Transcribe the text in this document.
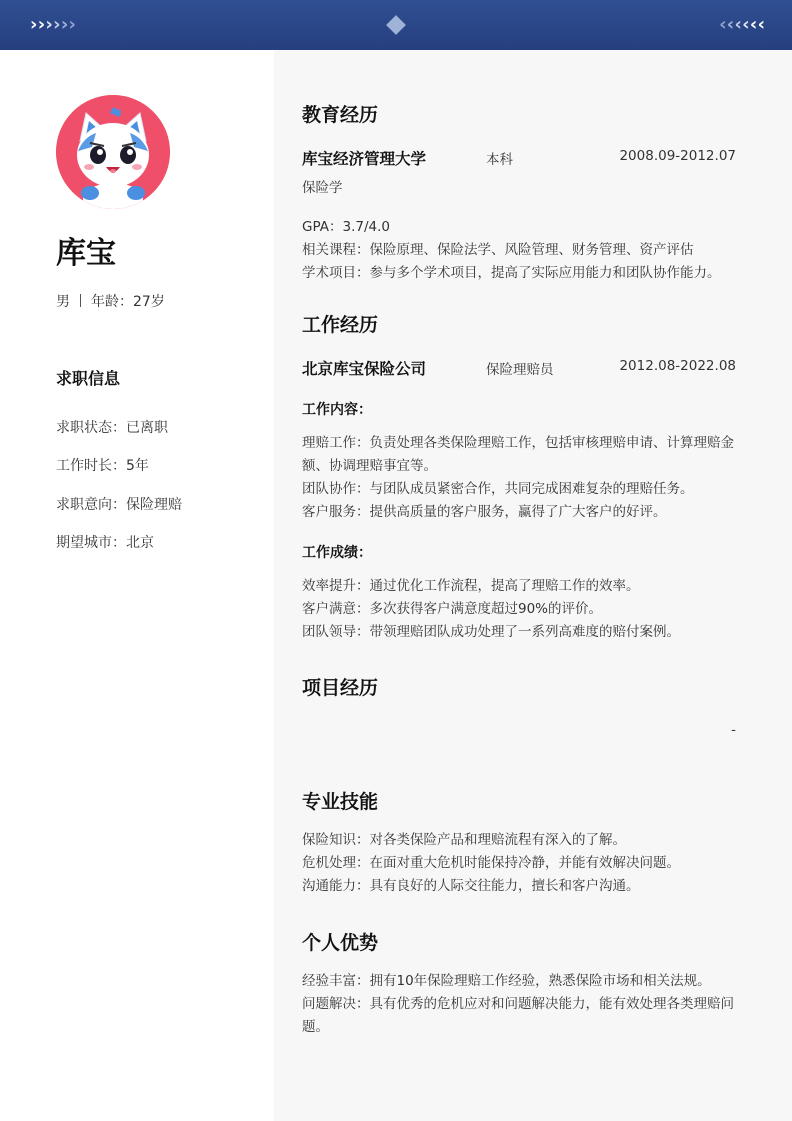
› › › › › ›	‹ ‹ ‹ ‹ ‹ ‹
库宝
男 年龄：27岁
求职信息
求职状态：已离职
工作时长：5年
求职意向：保险理赔
期望城市：北京
教育经历
库宝经济管理大学	本科	2008.09-2012.07
保险学
GPA：3.7/4.0
相关课程：保险原理、保险法学、风险管理、财务管理、资产评估
学术项目：参与多个学术项目，提高了实际应用能力和团队协作能力。
工作经历
北京库宝保险公司	保险理赔员	2012.08-2022.08
工作内容：
理赔工作：负责处理各类保险理赔工作，包括审核理赔申请、计算理赔金额、协调理赔事宜等。
团队协作：与团队成员紧密合作，共同完成困难复杂的理赔任务。
客户服务：提供高质量的客户服务，赢得了广大客户的好评。
工作成绩：
效率提升：通过优化工作流程，提高了理赔工作的效率。
客户满意：多次获得客户满意度超过90%的评价。
团队领导：带领理赔团队成功处理了一系列高难度的赔付案例。
项目经历
-
专业技能
保险知识：对各类保险产品和理赔流程有深入的了解。
危机处理：在面对重大危机时能保持冷静，并能有效解决问题。
沟通能力：具有良好的人际交往能力，擅长和客户沟通。
个人优势
经验丰富：拥有10年保险理赔工作经验，熟悉保险市场和相关法规。
问题解决：具有优秀的危机应对和问题解决能力，能有效处理各类理赔问题。
